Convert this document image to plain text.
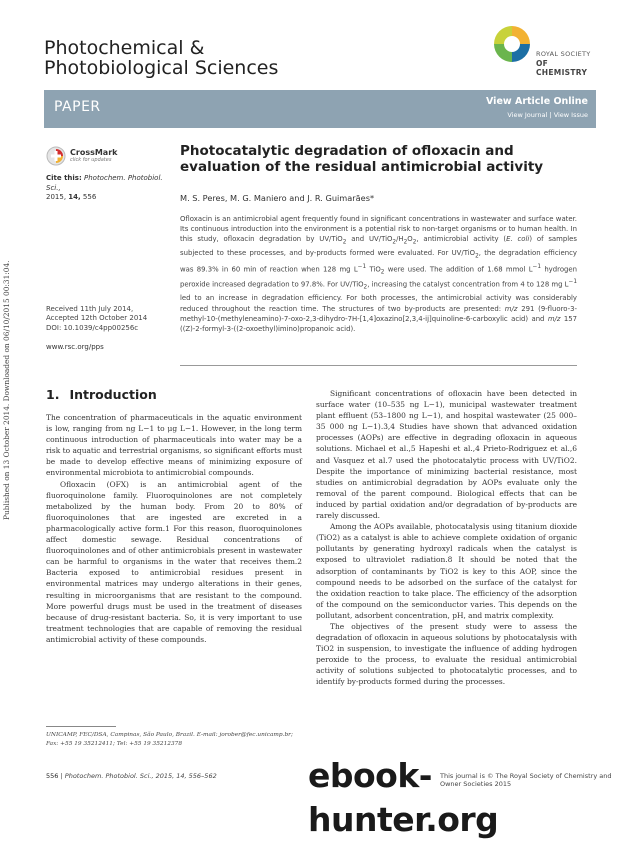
Published on 13 October 2014. Downloaded on 06/10/2015 00:31:04.
Photochemical &
Photobiological Sciences
ROYAL SOCIETY
OF CHEMISTRY
PAPER	View Article Online
View Journal | View Issue
CrossMark
click for updates
Cite this: Photochem. Photobiol. Sci.,
2015, 14, 556
Received 11th July 2014,
Accepted 12th October 2014
DOI: 10.1039/c4pp00256c
www.rsc.org/pps
Photocatalytic degradation of ofloxacin and evaluation of the residual antimicrobial activity
M. S. Peres, M. G. Maniero and J. R. Guimarães*

Ofloxacin is an antimicrobial agent frequently found in significant concentrations in wastewater and surface water. Its continuous introduction into the environment is a potential risk to non-target organisms or to human health. In this study, ofloxacin degradation by UV/TiO$_2$ and $UV/TiO_2/H_2O_2$, antimicrobial activity (E. coli) of samples subjected to these processes, and by-products formed were evaluated. For UV/TiO$_2$, the degradation efficiency was 89.3% in 60 min of reaction when 128 mg $L^{-1}$ TiO$_2$ were used. The addition of 1.68 mmol $L^{-1}$ hydrogen peroxide increased degradation to 97.8%. For UV/TiO$_2$, increasing the catalyst concentration from 4 to 128 mg $L^{-1}$ led to an increase in degradation efficiency. For both processes, the antimicrobial activity was considerably reduced throughout the reaction time. The structures of two by-products are presented: m/z 291 (9-fluoro-3-methyl-10-(methyleneamino)-7-oxo-2,3-dihydro-7H-[1,4]oxazino[2,3,4-ij]quinoline-6-carboxylic acid) and m/z 157 ((Z)-2-formyl-3-((2-oxoethyl)imino)propanoic acid).

1. Introduction

The concentration of pharmaceuticals in the aquatic environment is low, ranging from ng L−1 to μg L−1. However, in the long term continuous introduction of pharmaceuticals into water may be a risk to aquatic and terrestrial organisms, so significant efforts must be made to develop effective means of minimizing exposure of environmental microbiota to antimicrobial compounds.

Ofloxacin (OFX) is an antimicrobial agent of the fluoroquinolone family. Fluoroquinolones are not completely metabolized by the human body. From 20 to 80% of fluoroquinolones that are ingested are excreted in a pharmacologically active form.1 For this reason, fluoroquinolones affect domestic sewage. Residual concentrations of fluoroquinolones and of other antimicrobials present in wastewater can be harmful to organisms in the water that receives them.2 Bacteria exposed to antimicrobial residues present in environmental matrices may undergo alterations in their genes, resulting in microorganisms that are resistant to the compound. More powerful drugs must be used in the treatment of diseases because of drug-resistant bacteria. So, it is very important to use treatment technologies that are capable of removing the residual antimicrobial activity of these compounds.

Significant concentrations of ofloxacin have been detected in surface water (10–535 ng L−1), municipal wastewater treatment plant effluent (53–1800 ng L−1), and hospital wastewater (25 000–35 000 ng L−1).3,4 Studies have shown that advanced oxidation processes (AOPs) are effective in degrading ofloxacin in aqueous solutions. Michael et al.,5 Hapeshi et al.,4 Prieto-Rodriguez et al.,6 and Vasquez et al.7 used the photocatalytic process with UV/TiO2. Despite the importance of minimizing bacterial resistance, most studies on antimicrobial degradation by AOPs evaluate only the removal of the parent compound. Biological effects that can be induced by partial oxidation and/or degradation of by-products are rarely discussed.

Among the AOPs available, photocatalysis using titanium dioxide (TiO2) as a catalyst is able to achieve complete oxidation of organic pollutants by generating hydroxyl radicals when the catalyst is exposed to ultraviolet radiation.8 It should be noted that the adsorption of contaminants by TiO2 is key to this AOP, since the compound needs to be adsorbed on the surface of the catalyst for the oxidation reaction to take place. The efficiency of the adsorption of the compound on the semiconductor varies. This depends on the pollutant, adsorbent concentration, pH, and matrix complexity.

The objectives of the present study were to assess the degradation of ofloxacin in aqueous solutions by photocatalysis with TiO2 in suspension, to investigate the influence of adding hydrogen peroxide to the process, to evaluate the residual antimicrobial activity of solutions subjected to photocatalytic processes, and to identify by-products formed during the processes.

UNICAMP, FEC/DSA, Campinas, São Paulo, Brazil. E-mail: jorober@fec.unicamp.br; Fax: +55 19 35212411; Tel: +55 19 35212378
556 | Photochem. Photobiol. Sci., 2015, 14, 556–562	This journal is © The Royal Society of Chemistry and Owner Societies 2015
ebook-hunter.org
